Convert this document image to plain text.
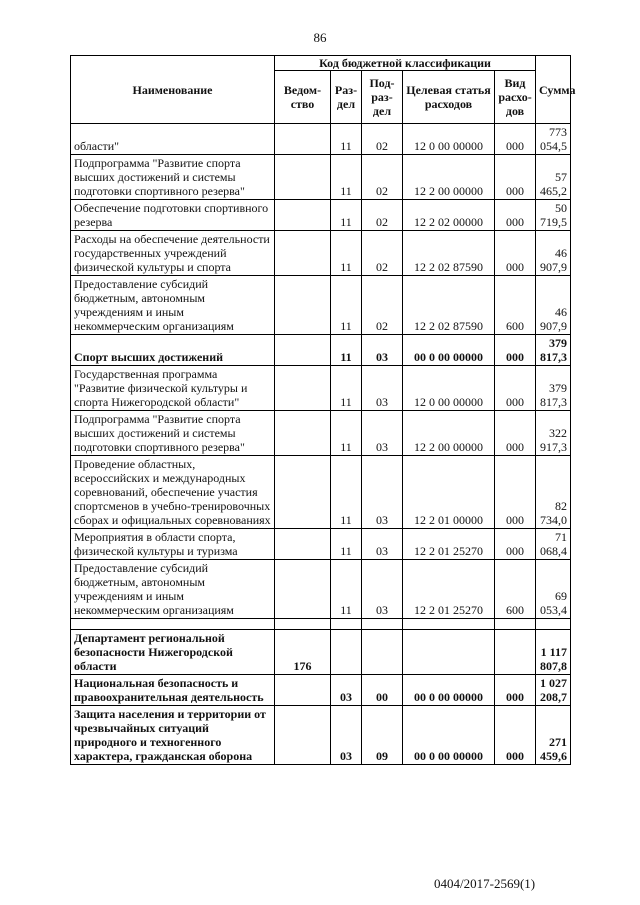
86
Наименование	Код бюджетной классификации					Сумма
	Ведом-ство	Раз-дел	Под-раз-дел	Целевая статья расходов	Вид расхо-дов	
области"		11	02	12 0 00 00000	000	773 054,5
Подпрограмма "Развитие спорта высших достижений и системы подготовки спортивного резерва"		11	02	12 2 00 00000	000	57 465,2
Обеспечение подготовки спортивного резерва		11	02	12 2 02 00000	000	50 719,5
Расходы на обеспечение деятельности государственных учреждений физической культуры и спорта		11	02	12 2 02 87590	000	46 907,9
Предоставление субсидий бюджетным, автономным учреждениям и иным некоммерческим организациям		11	02	12 2 02 87590	600	46 907,9
Спорт высших достижений		11	03	00 0 00 00000	000	379 817,3
Государственная программа "Развитие физической культуры и спорта Нижегородской области"		11	03	12 0 00 00000	000	379 817,3
Подпрограмма "Развитие спорта высших достижений и системы подготовки спортивного резерва"		11	03	12 2 00 00000	000	322 917,3
Проведение областных, всероссийских и международных соревнований, обеспечение участия спортсменов в учебно-тренировочных сборах и официальных соревнованиях		11	03	12 2 01 00000	000	82 734,0
Мероприятия в области спорта, физической культуры и туризма		11	03	12 2 01 25270	000	71 068,4
Предоставление субсидий бюджетным, автономным учреждениям и иным некоммерческим организациям		11	03	12 2 01 25270	600	69 053,4

Департамент региональной безопасности Нижегородской области	176					1 117 807,8
Национальная безопасность и правоохранительная деятельность		03	00	00 0 00 00000	000	1 027 208,7
Защита населения и территории от чрезвычайных ситуаций природного и техногенного характера, гражданская оборона		03	09	00 0 00 00000	000	271 459,6
0404/2017-2569(1)
